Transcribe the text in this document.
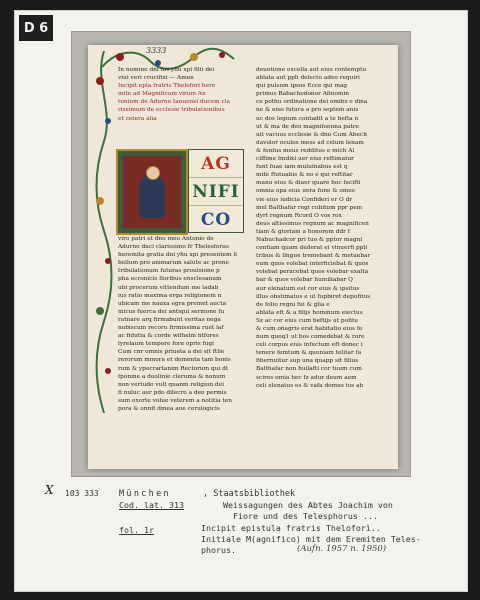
D 6
3333
In nomine dni nri yhu xpi filii dei
viui veri crucifixi — Amen
Incipit epla fratris Thelofori here
mite ad Magnificum virum An
tonium de Adurno Ianuensi ducem cla
rissimum de ecclesie tribulationibus
et cetera alia
AG
NIFI
CO
viro patri et dno meo Antonio de
Adurno duci clarissimo fr Thelesforus
heremita gratia dni yhu xpi presentem li
bellum pro animarum salute ac prone
tribulationum futuras prouisione p
pha ecronicis floribus ensclesanum
ubi procerum vittendum me ladab
ius ratio maxima erga religionem n
ubicam me nauxa egra premet aucta
micus fuerca dei antiqui sermone fu
ratnare arq firmabunt veritas nega
nobiscum recoru firmissima ruet laf
ac fidutia & corde wilhelm ntfores
lyrelaum tempore fore opris fugi
Cum cnr omnis priueta a dei sit ftlie
rerorum mmora et dementa tam bonis
rum & ypocrartanim Rectorum qui dt
fponme a deolinie cleruma & nonum
non vertudo vult quanm religion dei
fi nuluc aur pdo dilecro a deo permis
sum exorte volue veterem a notitia ten
pora & onnit dmea aue cerulogicis
deuotione excella aut eius contemptu
ablata aut ppli delecto adeo requiri
qui pulsum ipsos Ecce qui mag
primus Babachodonor Afinomin
ce pothu ordinatione dei omibz e dina
ne & eius futura a pro septem anis
uc dos legium contadit a te befta n
ut & ma de deo magnifoenna patre
uit vacuus ecclesie & dno Cum Abech
davolor oculos mess ad celum lenam
& fenfus meus redditus e mich Al
ciffime fmdixi uer eius reftimatur
funt fuae iam muluinabus est q
mite ftutuabis & no e qui reftitar
manu eius & diaer quare hoc fecifti
omnia opa eius uera fune & omes
vie eius iudicia Confideri er O dr
mel Balthafar regi cubitum ppr pem
dyrt regnum Rcord O vos rox
deus altissimus regnum ac magnificen
tiam & gloriam a honorem ddr f
Nabuchadcor pri tuo & pptor magni
centiam quam dederat ei vinuerfi ppli
tribus & lingue tremebant & metuebar
eum quos volebat interficiebat & quos
volebat peracebat quos volebar exalta
bar & quos volebar humiliabar Q
aur elenatum est cor eius & ipsitus
illus obstimatus e ut fupbiret depofitus
de folio regni fui & glia e
ablata eft & a filijs hominum eiectus
Sz ac cor eius cum beftijs ut pofitu
& cum onagris erat habitatio eius fe
num quoq1 ut bos comedebat & rore
celi corpus eius infectum eft donec i
tenere femtum & quoniam telitar fa
fibernuitur sup una quapp sit filius
Balthafar non huilafti cor tuum cum
scires omia hec fz adur deum aem
celi elenatus es & vafa domus ius ab
X 103 333 München	, Staatsbibliothek
Cod. lat. 313	Weissagungen des Abtes Joachim von
Fiore und des Telesphorus ...
fol. 1r	Incipit epistula fratris Theloforì..
Initiale M(agnifico) mit dem Eremiten Teles-
phorus.	(Aufn. 1957 n. 1950)
